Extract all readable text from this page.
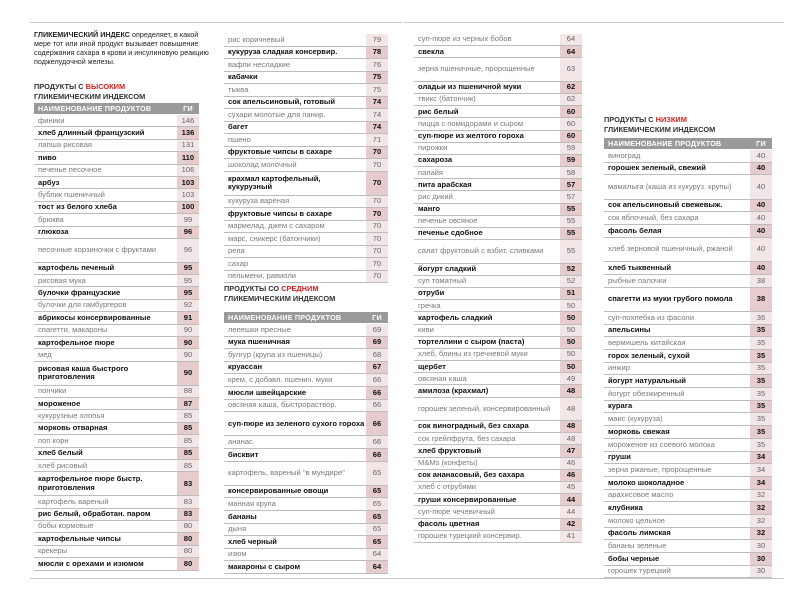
ГЛИКЕМИЧЕСКИЙ ИНДЕКС определяет, в какой мере тот или иной продукт вызывает повышение содержания сахара в крови и инсулиновую реакцию поджелудочной железы.
ПРОДУКТЫ С ВЫСОКИМ
ГЛИКЕМИЧЕСКИМ ИНДЕКСОМ
НАИМЕНОВАНИЕ ПРОДУКТОВ	ГИ
ПРОДУКТЫ СО СРЕДНИМ
ГЛИКЕМИЧЕСКИМ ИНДЕКСОМ
НАИМЕНОВАНИЕ ПРОДУКТОВ	ГИ
ПРОДУКТЫ С НИЗКИМ
ГЛИКЕМИЧЕСКИМ ИНДЕКСОМ
НАИМЕНОВАНИЕ ПРОДУКТОВ	ГИ
финики	146
хлеб длинный французский	136
лапша рисовая	131
пиво	110
печенье песочное	106
арбуз	103
бублик пшеничный	103
тост из белого хлеба	100
брюква	99
глюкоза	96
песочные корзиночки с фруктами	96
картофель печеный	95
рисовая мука	95
булочки французские	95
булочки для гамбургеров	92
абрикосы консервированные	91
спагетти, макароны	90
картофельное пюре	90
мед	90
рисовая каша быстрого приготовления	90
пончики	88
мороженое	87
кукурузные хлопья	85
морковь отварная	85
поп корн	85
хлеб белый	85
хлеб рисовый	85
картофельное пюре быстр. приготовления	83
картофель вареный	83
рис белый, обработан. паром	83
бобы кормовые	80
картофельные чипсы	80
крекеры	80
мюсли с орехами и изюмом	80
рис коричневый	79
кукуруза сладкая консервир.	78
вафли несладкие	76
кабачки	75
тыква	75
сок апельсиновый, готовый	74
сухари молотые для панир.	74
багет	74
пшено	71
фруктовые чипсы в сахаре	70
шоколад молочный	70
крахмал картофельный, кукурузный	70
кукуруза вареная	70
фруктовые чипсы в сахаре	70
мармелад, джем с сахаром	70
марс, сникерс (батончики)	70
репа	70
сахар	70
пельмени, равиоли	70
лепешки пресные	69
мука пшеничная	69
булгур (крупа из пшеницы)	68
круассан	67
крем, с добавл. пшенич. муки	66
мюсли швейцарские	66
овсяная каша, быстрораствор.	66
суп-пюре из зеленого сухого гороха	66
ананас	66
бисквит	66
картофель, вареный "в мундире"	65
консервированные овощи	65
манная крупа	65
бананы	65
дыня	65
хлеб черный	65
изюм	64
макароны с сыром	64
суп-пюре из черных бобов	64
свекла	64
зерна пшеничные, пророщенные	63
оладьи из пшеничной муки	62
твикс (батончик)	62
рис белый	60
пицца с помидорами и сыром	60
суп-пюре из желтого гороха	60
пирожки	59
сахароза	59
папайя	58
пита арабская	57
рис дикий	57
манго	55
печенье овсяное	55
печенье сдобное	55
салат фруктовый с взбит. сливками	55
йогурт сладкий	52
суп томатный	52
отруби	51
гречка	50
картофель сладкий	50
киви	50
тортеллини с сыром (паста)	50
хлеб, блины из гречневой муки	50
щербет	50
овсяная каша	49
амилоза (крахмал)	48
горошек зеленый, консервированный	48
сок виноградный, без сахара	48
сок грейпфрута, без сахара	48
хлеб фруктовый	47
M&Ms (конфеты)	46
сок ананасовый, без сахара	46
хлеб с отрубями	45
груши консервированные	44
суп-пюре чечевичный	44
фасоль цветная	42
горошек турецкий консервир.	41
виноград	40
горошек зеленый, свежий	40
мамалыга (каша из кукуруз. крупы)	40
сок апельсиновый свежевыж.	40
сок яблочный, без сахара	40
фасоль белая	40
хлеб зерновой пшеничный, ржаной	40
хлеб тыквенный	40
рыбные палочки	38
спагетти из муки грубого помола	38
суп-похлебка из фасоли	36
апельсины	35
вермишель китайская	35
горох зеленый, сухой	35
инжир	35
йогурт натуральный	35
йогурт обезжиренный	35
курага	35
маис (кукуруза)	35
морковь свежая	35
мороженое из соевого молока	35
груши	34
зерна ржаные, пророщенные	34
молоко шоколадное	34
арахисовое масло	32
клубника	32
молоко цельное	32
фасоль лимская	32
бананы зеленые	30
бобы черные	30
горошек турецкий	30
